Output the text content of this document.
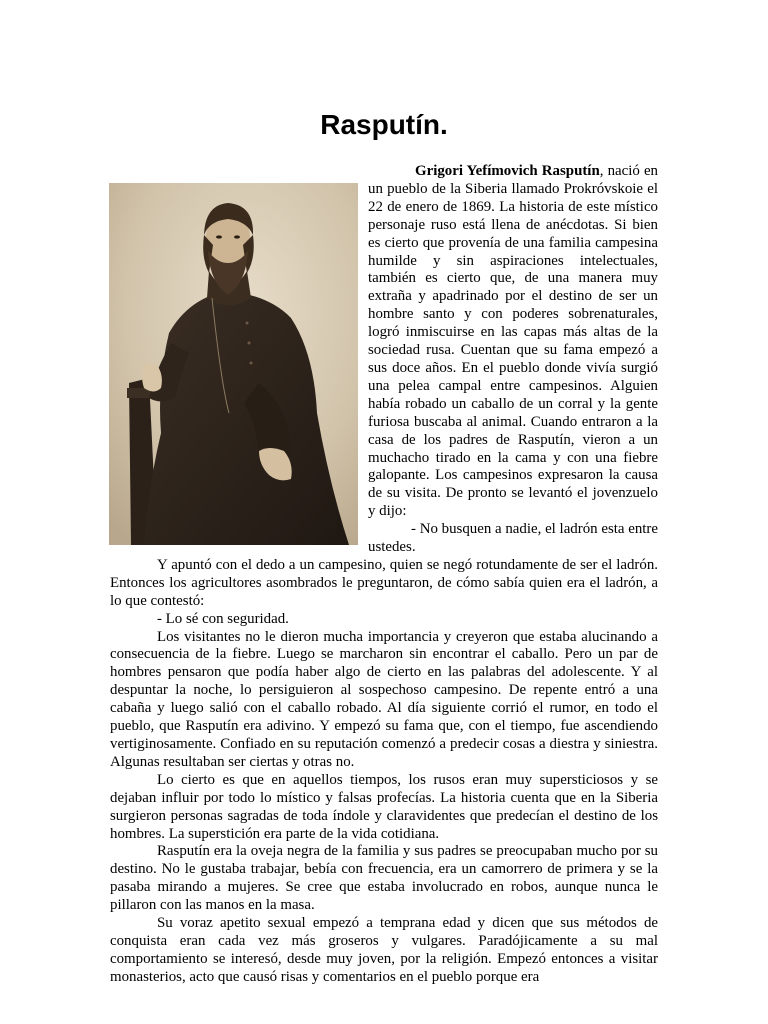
Rasputín.

Grigori Yefímovich Rasputín, nació en un pueblo de la Siberia llamado Prokróvskoie el 22 de enero de 1869. La historia de este místico personaje ruso está llena de anécdotas. Si bien es cierto que provenía de una familia campesina humilde y sin aspiraciones intelectuales, también es cierto que, de una manera muy extraña y apadrinado por el destino de ser un hombre santo y con poderes sobrenaturales, logró inmiscuirse en las capas más altas de la sociedad rusa. Cuentan que su fama empezó a sus doce años. En el pueblo donde vivía surgió una pelea campal entre campesinos. Alguien había robado un caballo de un corral y la gente furiosa buscaba al animal. Cuando entraron a la casa de los padres de Rasputín, vieron a un muchacho tirado en la cama y con una fiebre galopante. Los campesinos expresaron la causa de su visita. De pronto se levantó el jovenzuelo y dijo:

- No busquen a nadie, el ladrón esta entre ustedes.

Y apuntó con el dedo a un campesino, quien se negó rotundamente de ser el ladrón. Entonces los agricultores asombrados le preguntaron, de cómo sabía quien era el ladrón, a lo que contestó:

- Lo sé con seguridad.

Los visitantes no le dieron mucha importancia y creyeron que estaba alucinando a consecuencia de la fiebre. Luego se marcharon sin encontrar el caballo. Pero un par de hombres pensaron que podía haber algo de cierto en las palabras del adolescente. Y al despuntar la noche, lo persiguieron al sospechoso campesino. De repente entró a una cabaña y luego salió con el caballo robado. Al día siguiente corrió el rumor, en todo el pueblo, que Rasputín era adivino. Y empezó su fama que, con el tiempo, fue ascendiendo vertiginosamente. Confiado en su reputación comenzó a predecir cosas a diestra y siniestra. Algunas resultaban ser ciertas y otras no.

Lo cierto es que en aquellos tiempos, los rusos eran muy supersticiosos y se dejaban influir por todo lo místico y falsas profecías. La historia cuenta que en la Siberia surgieron personas sagradas de toda índole y claravidentes que predecían el destino de los hombres. La superstición era parte de la vida cotidiana.

Rasputín era la oveja negra de la familia y sus padres se preocupaban mucho por su destino. No le gustaba trabajar, bebía con frecuencia, era un camorrero de primera y se la pasaba mirando a mujeres. Se cree que estaba involucrado en robos, aunque nunca le pillaron con las manos en la masa.

Su voraz apetito sexual empezó a temprana edad y dicen que sus métodos de conquista eran cada vez más groseros y vulgares. Paradójicamente a su mal comportamiento se interesó, desde muy joven, por la religión. Empezó entonces a visitar monasterios, acto que causó risas y comentarios en el pueblo porque era
